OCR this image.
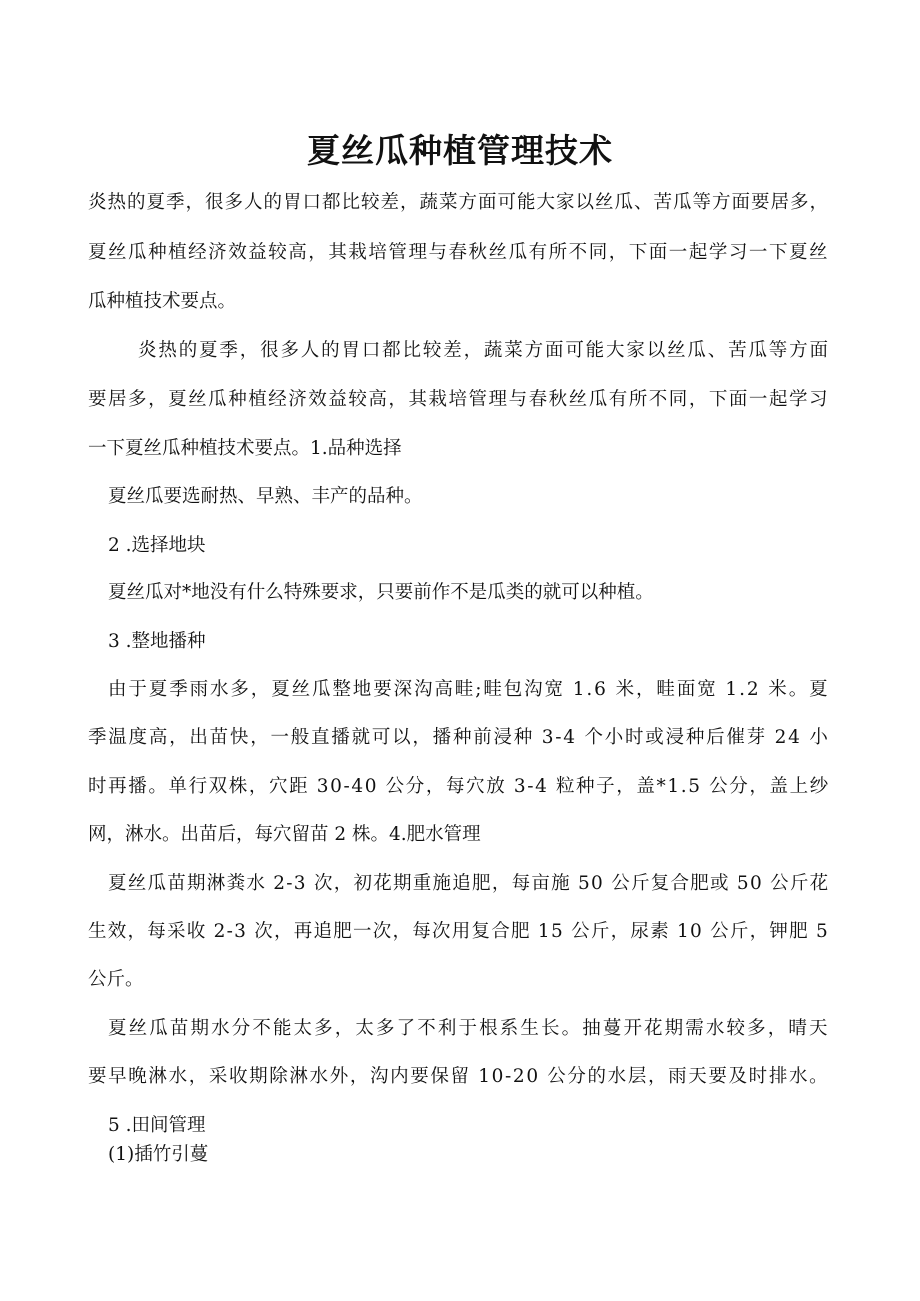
夏丝瓜种植管理技术

炎热的夏季，很多人的胃口都比较差，蔬菜方面可能大家以丝瓜、苦瓜等方面要居多，

夏丝瓜种植经济效益较高，其栽培管理与春秋丝瓜有所不同，下面一起学习一下夏丝

瓜种植技术要点。

炎热的夏季，很多人的胃口都比较差，蔬菜方面可能大家以丝瓜、苦瓜等方面

要居多，夏丝瓜种植经济效益较高，其栽培管理与春秋丝瓜有所不同，下面一起学习

一下夏丝瓜种植技术要点。1.品种选择

夏丝瓜要选耐热、早熟、丰产的品种。

2 .选择地块

夏丝瓜对*地没有什么特殊要求，只要前作不是瓜类的就可以种植。

3 .整地播种

由于夏季雨水多，夏丝瓜整地要深沟高畦;畦包沟宽 1.6 米，畦面宽 1.2 米。夏

季温度高，出苗快，一般直播就可以，播种前浸种 3-4 个小时或浸种后催芽 24 小

时再播。单行双株，穴距 30-40 公分，每穴放 3-4 粒种子，盖*1.5 公分，盖上纱

网，淋水。出苗后，每穴留苗 2 株。4.肥水管理

夏丝瓜苗期淋粪水 2-3 次，初花期重施追肥，每亩施 50 公斤复合肥或 50 公斤花

生效，每采收 2-3 次，再追肥一次，每次用复合肥 15 公斤，尿素 10 公斤，钾肥 5

公斤。

夏丝瓜苗期水分不能太多，太多了不利于根系生长。抽蔓开花期需水较多，晴天

要早晚淋水，采收期除淋水外，沟内要保留 10-20 公分的水层，雨天要及时排水。

5 .田间管理

(1)插竹引蔓
